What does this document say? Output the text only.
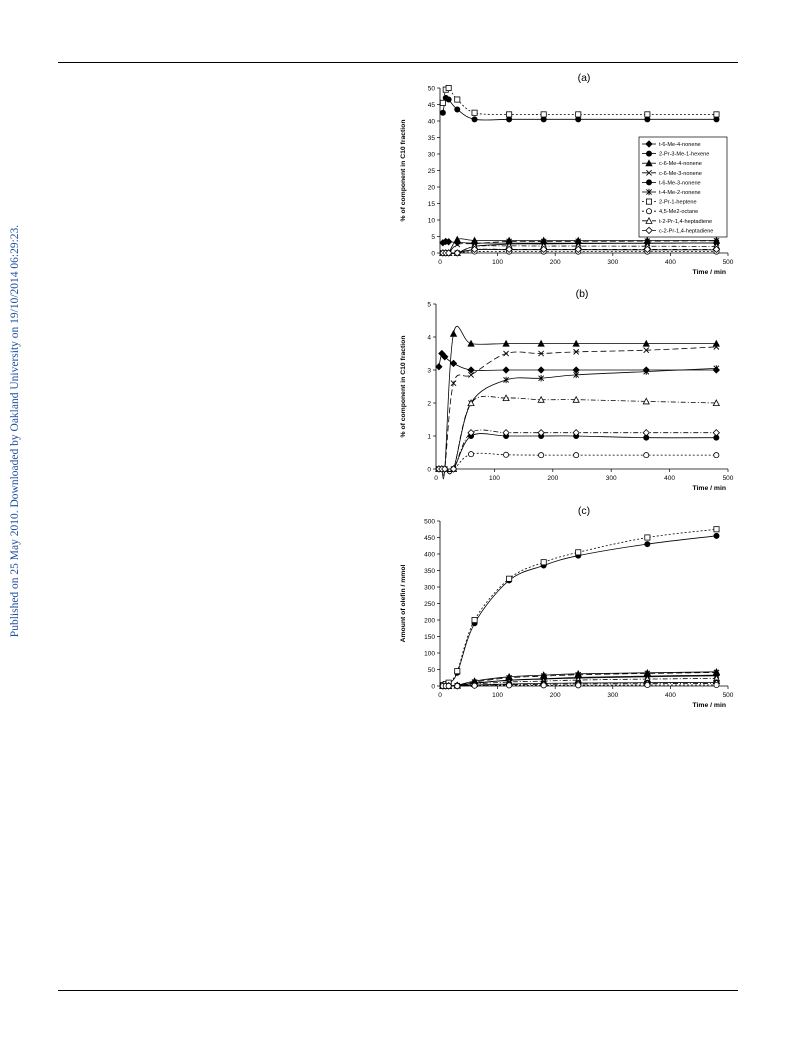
Published on 25 May 2010. Downloaded by Oakland University on 19/10/2014 06:29:23.
(a)
0	100	200	300	400	500
0
5
10
15
20
25
30
35
40
45
50
Time / min
% of component in C10 fraction	t-6-Me-4-nonene
2-Pr-3-Me-1-hexene
c-6-Me-4-nonene
c-6-Me-3-nonene
t-6-Me-3-nonene
t-4-Me-2-nonene
2-Pr-1-heptene
4,5-Me2-octane
t-2-Pr-1,4-heptadiene
c-2-Pr-1,4-heptadiene
(b)
0	100	200	300	400	500
0
1
2
3
4
5
Time / min
% of component in C10 fraction
(c)
0	100	200	300	400	500
0
50
100
150
200
250
300
350
400
450
500
Time / min
Amount of olefin / mmol
